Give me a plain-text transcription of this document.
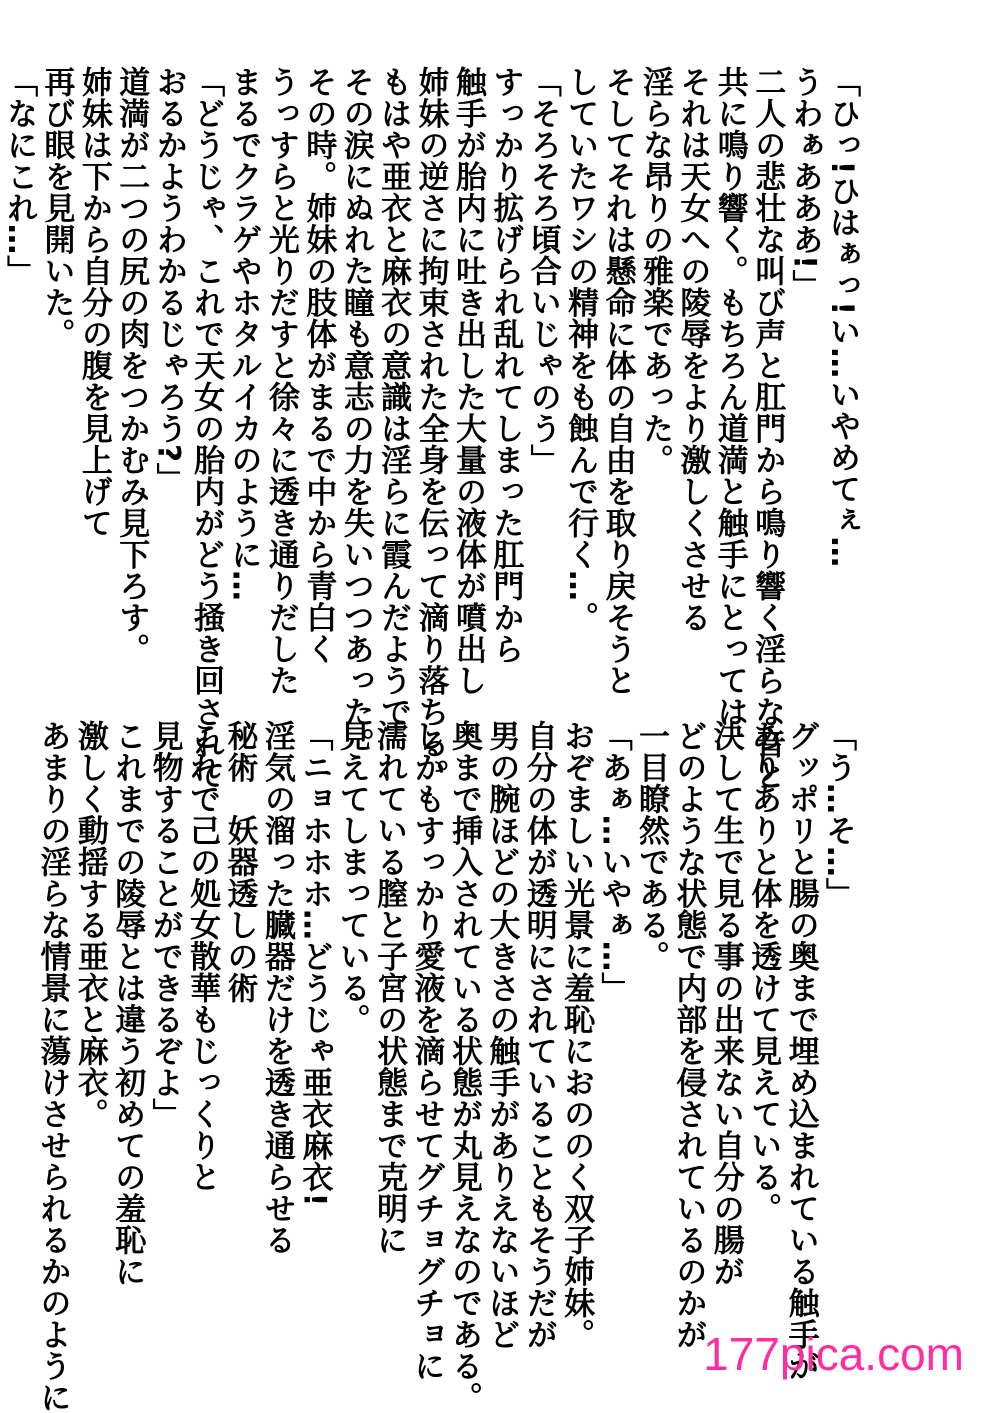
「ひっ!ひはぁっ!い…いやめてぇ…

うわぁあああ!」

二人の悲壮な叫び声と肛門から鳴り響く淫らな音と

共に鳴り響く。もちろん道満と触手にとっては

それは天女への陵辱をより激しくさせる

淫らな昂りの雅楽であった。

そしてそれは懸命に体の自由を取り戻そうと

していたワシの精神をも蝕んで行く…。

「そろそろ頃合いじゃのう」

すっかり拡げられ乱れてしまった肛門から

触手が胎内に吐き出した大量の液体が噴出し

姉妹の逆さに拘束された全身を伝って滴り落ちる。

もはや亜衣と麻衣の意識は淫らに霞んだようで

その涙にぬれた瞳も意志の力を失いつつあった。

その時。姉妹の肢体がまるで中から青白く

うっすらと光りだすと徐々に透き通りだした

まるでクラゲやホタルイカのように…

「どうじゃ、これで天女の胎内がどう掻き回されて

おるかようわかるじゃろう?」

道満が二つの尻の肉をつかむみ見下ろす。

姉妹は下から自分の腹を見上げて

再び眼を見開いた。

「なにこれ…」

「う…そ…」

グッポリと腸の奥まで埋め込まれている触手が

ありありと体を透けて見えている。

決して生で見る事の出来ない自分の腸が

どのような状態で内部を侵されているのかが

一目瞭然である。

「あぁ…いやぁ…」

おぞましい光景に羞恥におののく双子姉妹。

自分の体が透明にされていることもそうだが

男の腕ほどの大きさの触手がありえないほど

奥まで挿入されている状態が丸見えなのである。

しかもすっかり愛液を滴らせてグチョグチョに

濡れている膣と子宮の状態まで克明に

見えてしまっている。

「ニョホホホ…どうじゃ亜衣麻衣!

淫気の溜った臓器だけを透き通らせる

秘術　妖器透しの術

これで己の処女散華もじっくりと

見物することができるぞよ」

これまでの陵辱とは違う初めての羞恥に

激しく動揺する亜衣と麻衣。

あまりの淫らな情景に蕩けさせられるかのように	177pica.com
